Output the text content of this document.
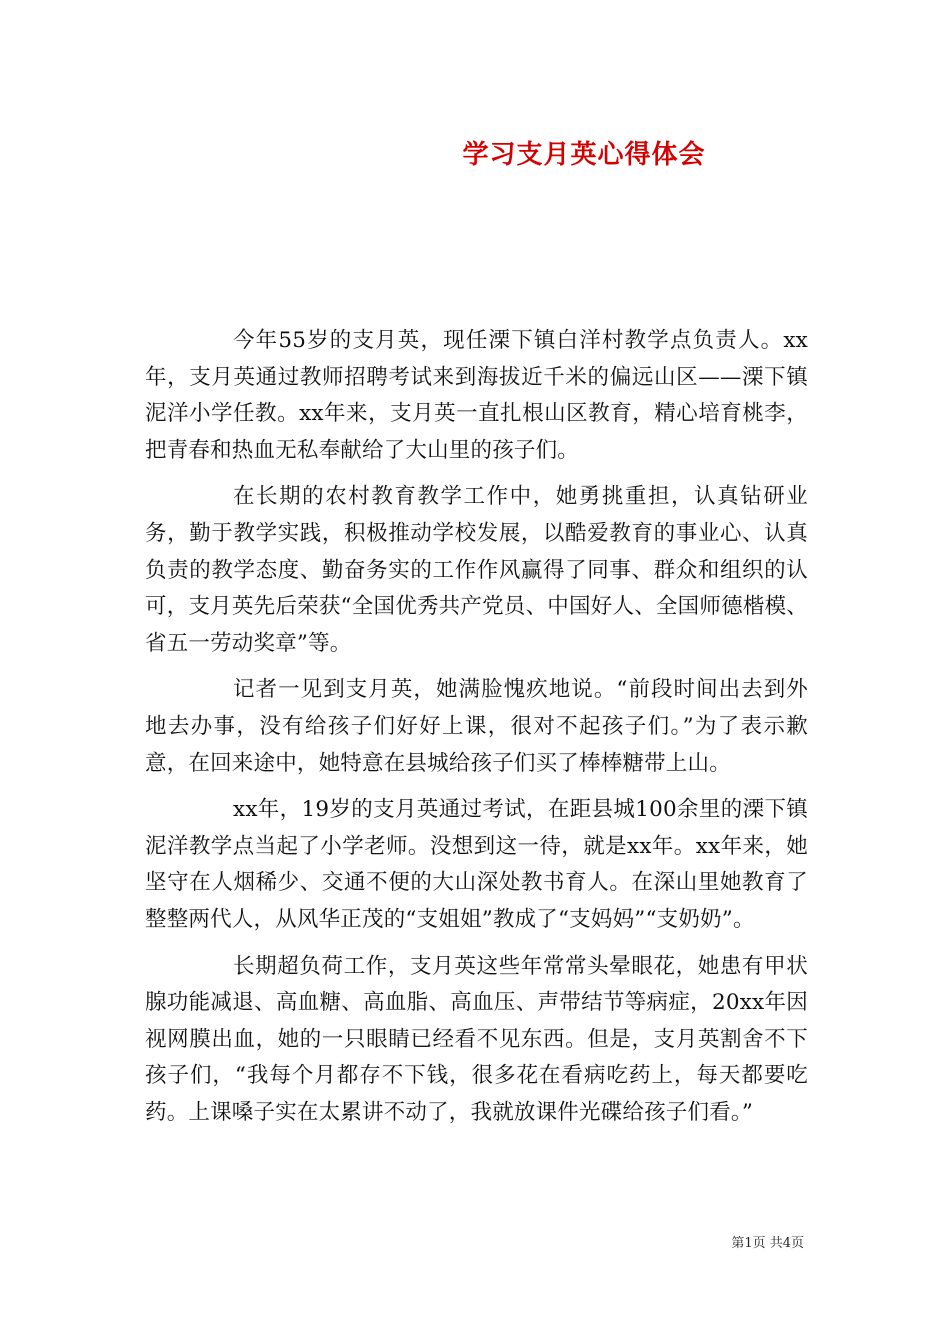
学习支月英心得体会

今年55岁的支月英，现任溧下镇白洋村教学点负责人。xx年，支月英通过教师招聘考试来到海拔近千米的偏远山区——溧下镇泥洋小学任教。xx年来，支月英一直扎根山区教育，精心培育桃李，把青春和热血无私奉献给了大山里的孩子们。

在长期的农村教育教学工作中，她勇挑重担，认真钻研业务，勤于教学实践，积极推动学校发展，以酷爱教育的事业心、认真负责的教学态度、勤奋务实的工作作风赢得了同事、群众和组织的认可，支月英先后荣获“全国优秀共产党员、中国好人、全国师德楷模、省五一劳动奖章”等。

记者一见到支月英，她满脸愧疚地说。“前段时间出去到外地去办事，没有给孩子们好好上课，很对不起孩子们。”为了表示歉意，在回来途中，她特意在县城给孩子们买了棒棒糖带上山。

xx年，19岁的支月英通过考试，在距县城100余里的溧下镇泥洋教学点当起了小学老师。没想到这一待，就是xx年。xx年来，她坚守在人烟稀少、交通不便的大山深处教书育人。在深山里她教育了整整两代人，从风华正茂的“支姐姐”教成了“支妈妈”“支奶奶”。

长期超负荷工作，支月英这些年常常头晕眼花，她患有甲状腺功能减退、高血糖、高血脂、高血压、声带结节等病症，20xx年因视网膜出血，她的一只眼睛已经看不见东西。但是，支月英割舍不下孩子们，“我每个月都存不下钱，很多花在看病吃药上，每天都要吃药。上课嗓子实在太累讲不动了，我就放课件光碟给孩子们看。”

第1页 共4页
